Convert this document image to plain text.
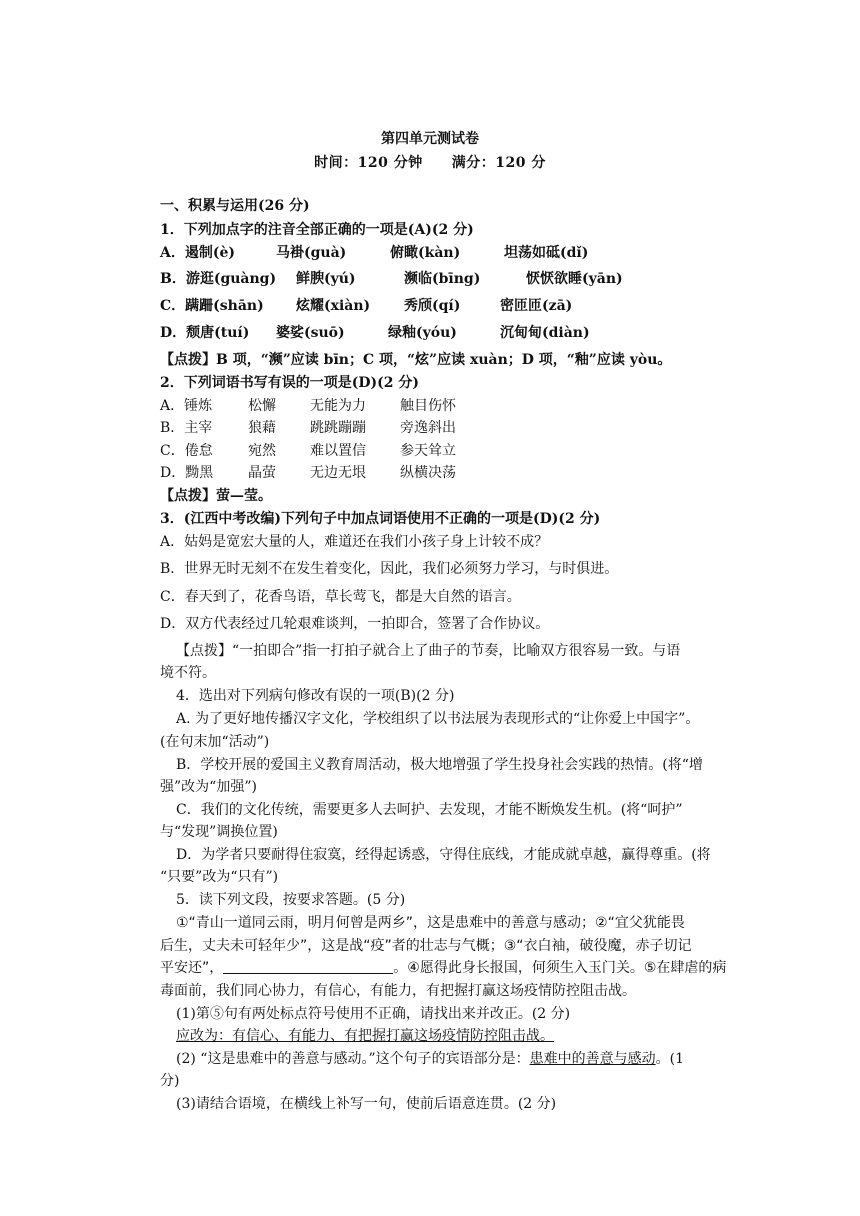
第四单元测试卷
时间：120 分钟　　满分：120 分
一、积累与运用(26 分)
1．下列加点字的注音全部正确的一项是(A)(2 分)
A．遏制(è)	马褂(guà)	俯瞰(kàn)	坦荡如砥(dǐ)
B．游逛(guàng) 鲜腴(yú)	濒临(bīng)	恹恹欲睡(yān)
C．蹒跚(shān)	炫耀(xiàn)	秀颀(qí)	密匝匝(zā)
D．颓唐(tuí) 婆娑(suō)	绿釉(yóu)	沉甸甸(diàn)
【点拨】B 项，“濒”应读 bīn；C 项，“炫”应读 xuàn；D 项，“釉”应读 yòu。
2．下列词语书写有误的一项是(D)(2 分)
A．锤炼	松懈	无能为力	触目伤怀
B．主宰	狼藉	跳跳蹦蹦	旁逸斜出
C．倦怠	宛然	难以置信	参天耸立
D．黝黑	晶萤	无边无垠	纵横决荡
【点拨】萤—莹。
3．(江西中考改编)下列句子中加点词语使用不正确的一项是(D)(2 分)
A．姑妈是宽宏大量的人，难道还在我们小孩子身上计较不成？
B．世界无时无刻不在发生着变化，因此，我们必须努力学习，与时俱进。
C．春天到了，花香鸟语，草长莺飞，都是大自然的语言。
D．双方代表经过几轮艰难谈判，一拍即合，签署了合作协议。
【点拨】“一拍即合”指一打拍子就合上了曲子的节奏，比喻双方很容易一致。与语
境不符。
4．选出对下列病句修改有误的一项(B)(2 分)
A. 为了更好地传播汉字文化，学校组织了以书法展为表现形式的“让你爱上中国字”。
(在句末加“活动”)
B．学校开展的爱国主义教育周活动，极大地增强了学生投身社会实践的热情。(将“增
强”改为“加强”)
C．我们的文化传统，需要更多人去呵护、去发现，才能不断焕发生机。(将“呵护”
与“发现”调换位置)
D．为学者只要耐得住寂寞，经得起诱惑，守得住底线，才能成就卓越，赢得尊重。(将
“只要”改为“只有”)
5．读下列文段，按要求答题。(5 分)
①“青山一道同云雨，明月何曾是两乡”，这是患难中的善意与感动；②“宜父犹能畏
后生，丈夫未可轻年少”，这是战“疫”者的壮志与气概；③“衣白袖，破役魔，赤子切记
平安还”，	。④愿得此身长报国，何须生入玉门关。⑤在肆虐的病
毒面前，我们同心协力，有信心，有能力，有把握打赢这场疫情防控阻击战。
(1)第⑤句有两处标点符号使用不正确，请找出来并改正。(2 分)
应改为：有信心、有能力、有把握打赢这场疫情防控阻击战。
(2) “这是患难中的善意与感动。”这个句子的宾语部分是：患难中的善意与感动。(1
分)
(3)请结合语境，在横线上补写一句，使前后语意连贯。(2 分)
